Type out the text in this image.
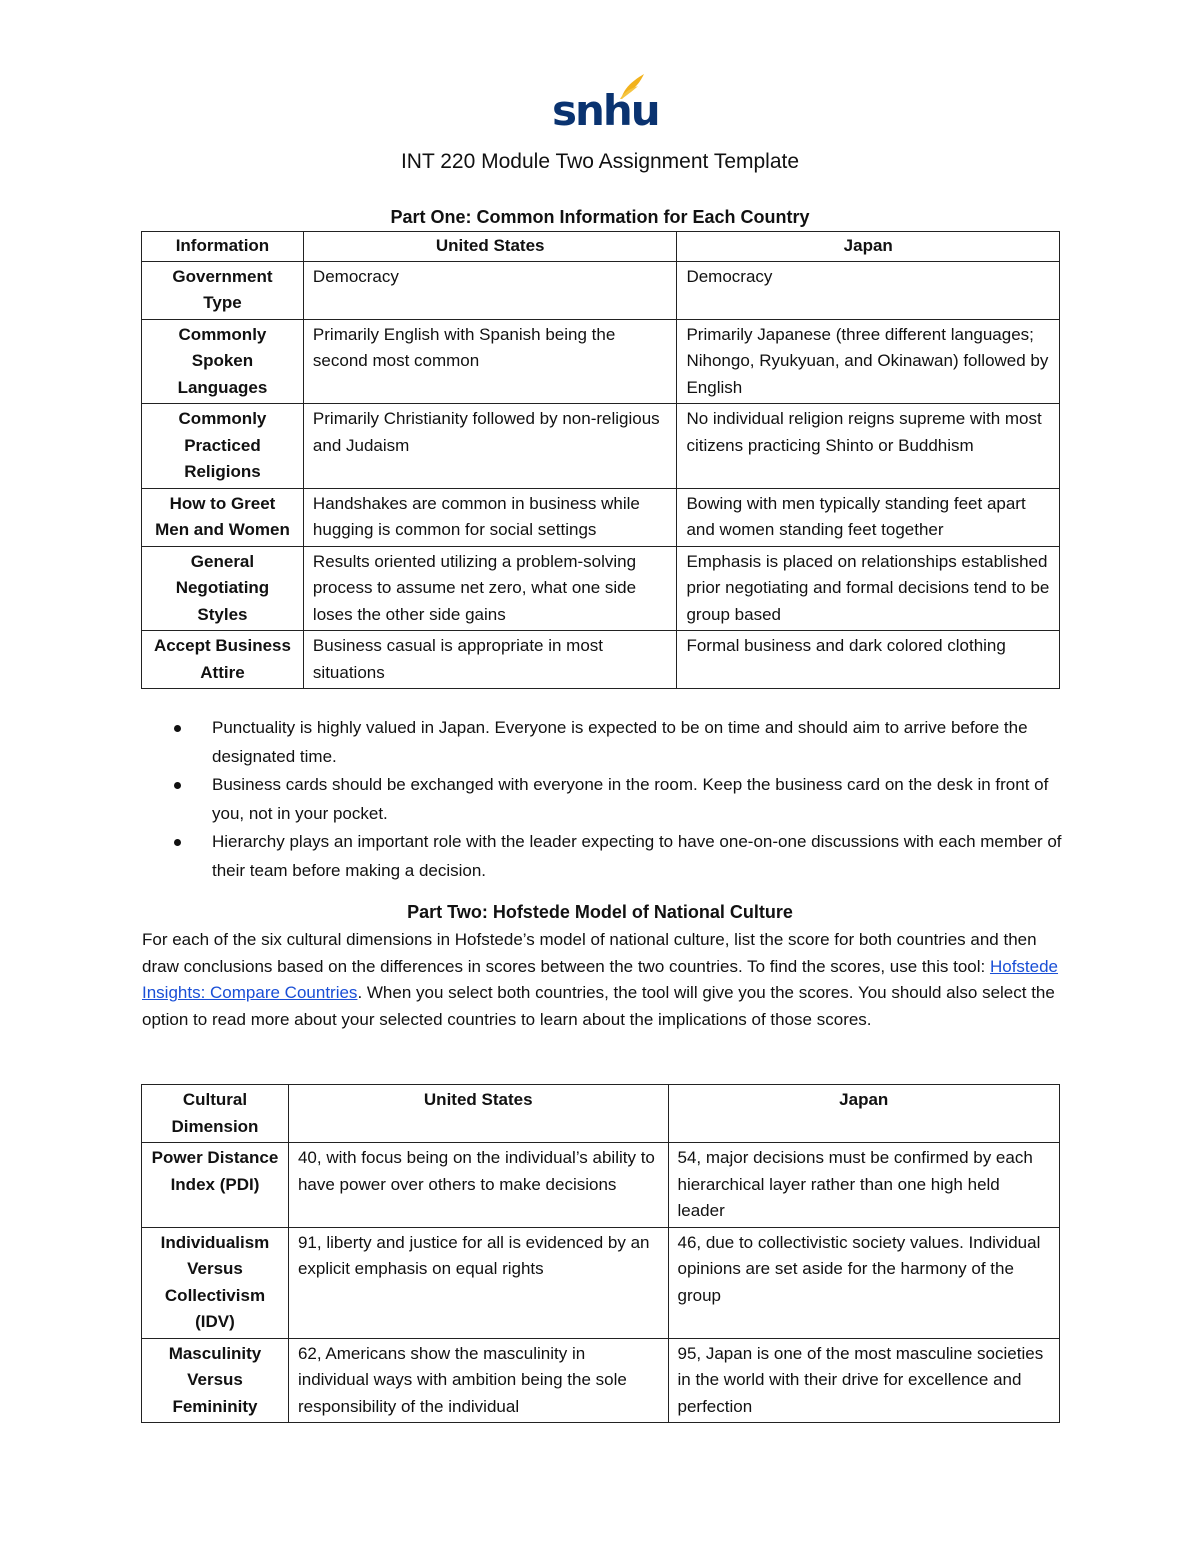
snhu
INT 220 Module Two Assignment Template
Part One: Common Information for Each Country
Information	United States	Japan
Government Type	Democracy	Democracy
Commonly Spoken Languages	Primarily English with Spanish being the second most common	Primarily Japanese (three different languages; Nihongo, Ryukyuan, and Okinawan) followed by English
Commonly Practiced Religions	Primarily Christianity followed by non-religious and Judaism	No individual religion reigns supreme with most citizens practicing Shinto or Buddhism
How to Greet Men and Women	Handshakes are common in business while hugging is common for social settings	Bowing with men typically standing feet apart and women standing feet together
General Negotiating Styles	Results oriented utilizing a problem-solving process to assume net zero, what one side loses the other side gains	Emphasis is placed on relationships established prior negotiating and formal decisions tend to be group based
Accept Business Attire	Business casual is appropriate in most situations	Formal business and dark colored clothing
Punctuality is highly valued in Japan. Everyone is expected to be on time and should aim to arrive before the designated time.
Business cards should be exchanged with everyone in the room. Keep the business card on the desk in front of you, not in your pocket.
Hierarchy plays an important role with the leader expecting to have one-on-one discussions with each member of their team before making a decision.
Part Two: Hofstede Model of National Culture

For each of the six cultural dimensions in Hofstede’s model of national culture, list the score for both countries and then draw conclusions based on the differences in scores between the two countries. To find the scores, use this tool: Hofstede Insights: Compare Countries. When you select both countries, the tool will give you the scores. You should also select the option to read more about your selected countries to learn about the implications of those scores.

Cultural Dimension	United States	Japan
Power Distance Index (PDI)	40, with focus being on the individual’s ability to have power over others to make decisions	54, major decisions must be confirmed by each hierarchical layer rather than one high held leader
Individualism Versus Collectivism (IDV)	91, liberty and justice for all is evidenced by an explicit emphasis on equal rights	46, due to collectivistic society values. Individual opinions are set aside for the harmony of the group
Masculinity Versus Femininity	62, Americans show the masculinity in individual ways with ambition being the sole responsibility of the individual	95, Japan is one of the most masculine societies in the world with their drive for excellence and perfection
